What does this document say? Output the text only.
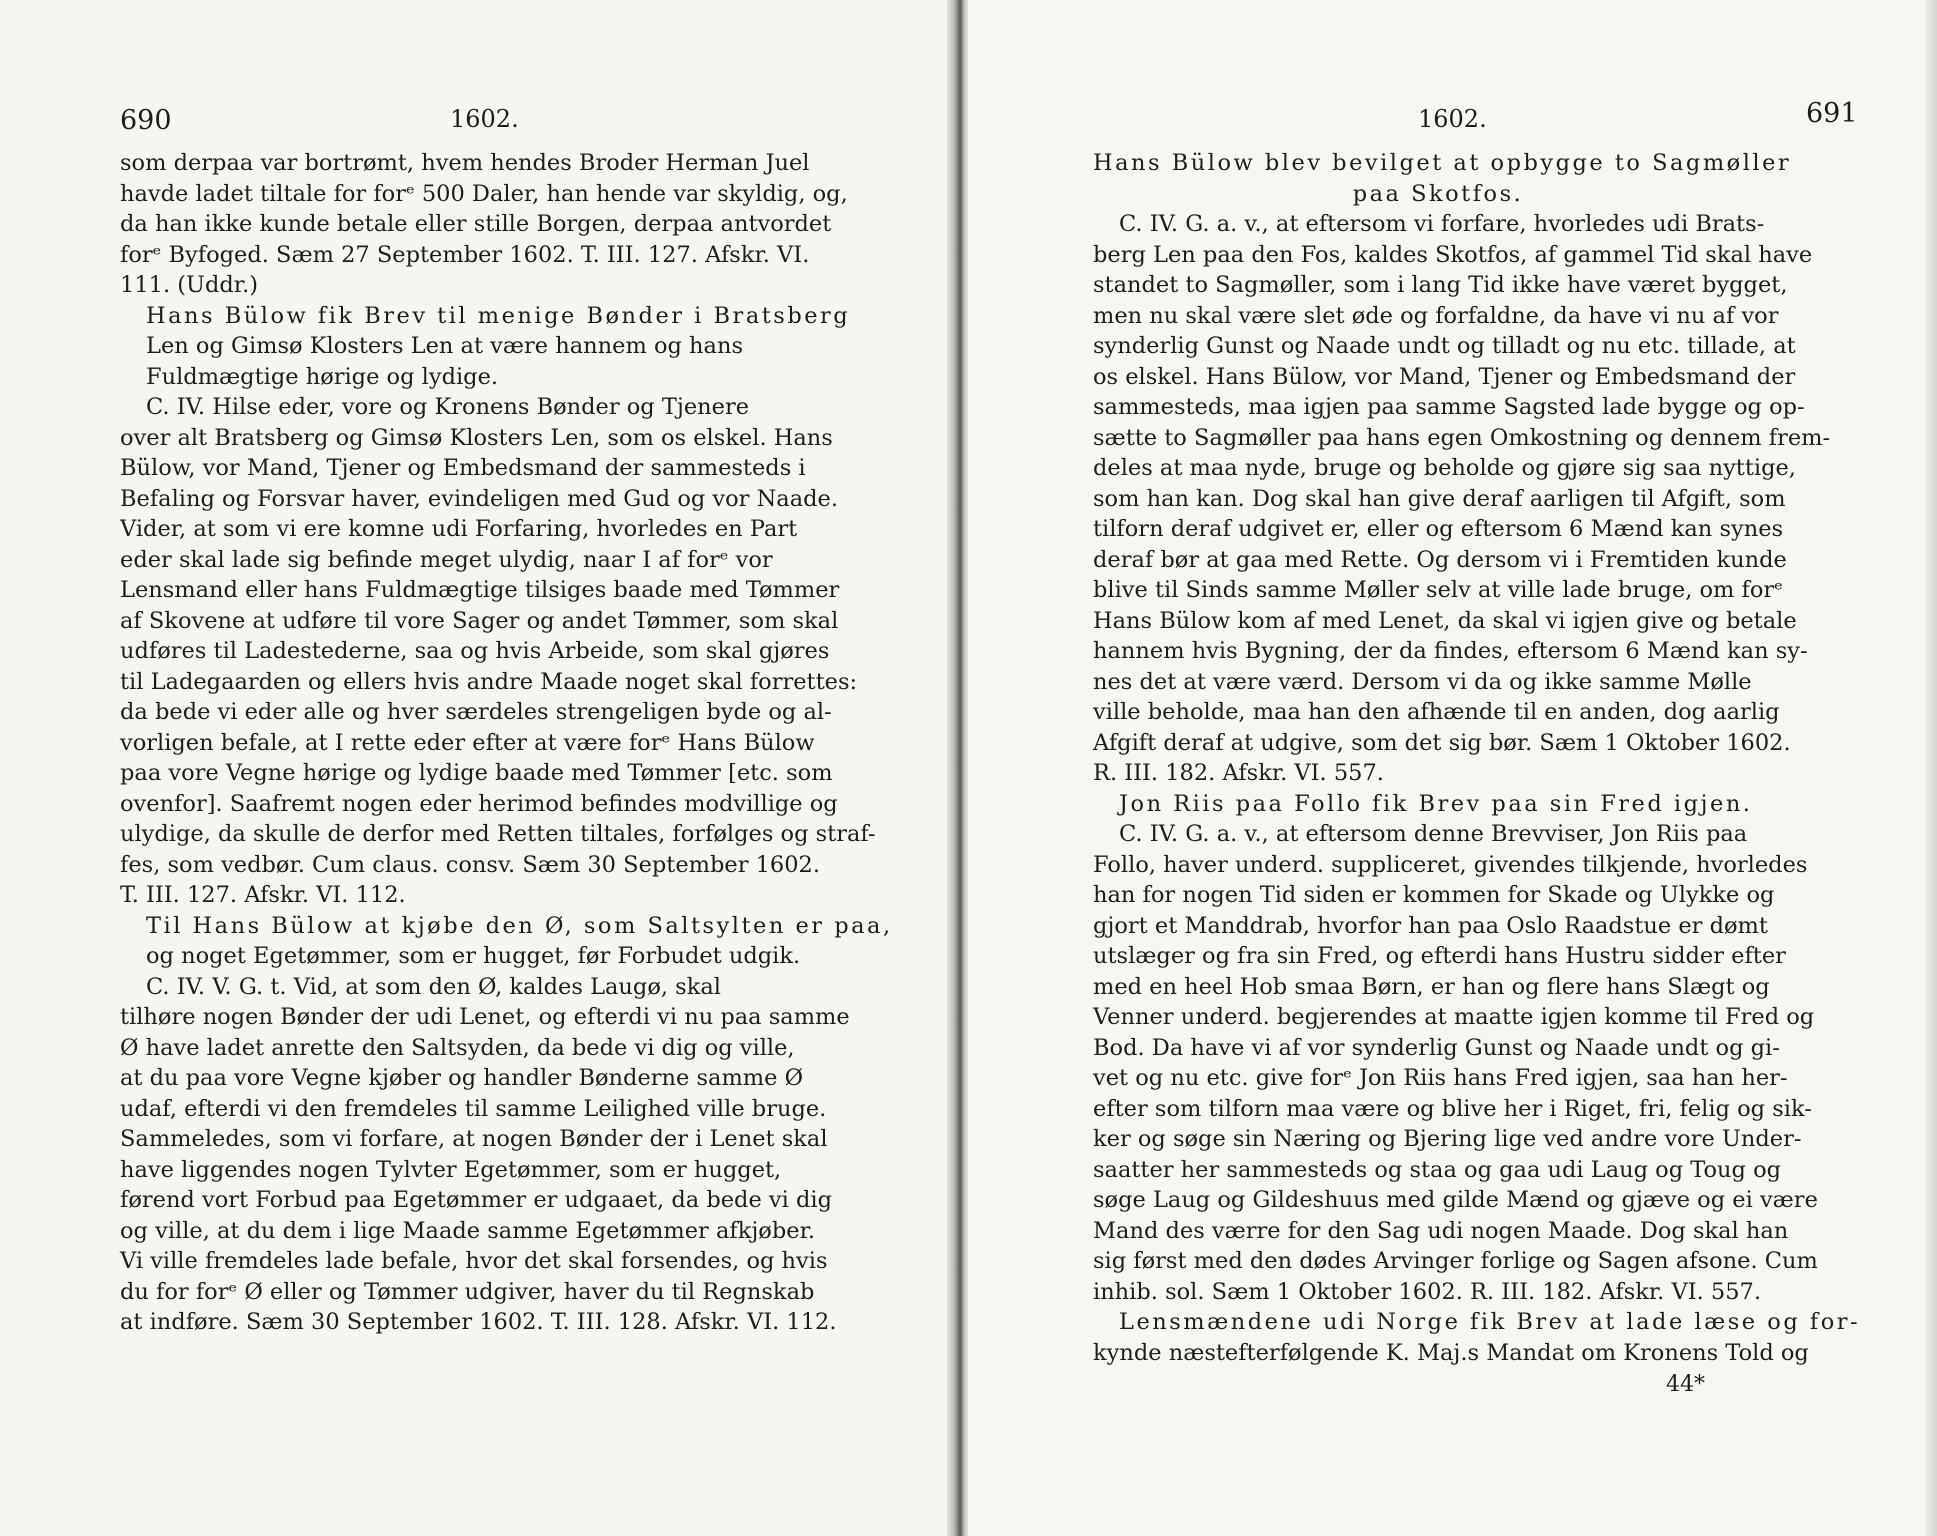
690	1602.
som derpaa var bortrømt, hvem hendes Broder Herman Juel
havde ladet tiltale for forᵉ 500 Daler, han hende var skyldig, og,
da han ikke kunde betale eller stille Borgen, derpaa antvordet
forᵉ Byfoged. Sæm 27 September 1602. T. III. 127. Afskr. VI.
111. (Uddr.)
Hans Bülow fik Brev til menige Bønder i Bratsberg
Len og Gimsø Klosters Len at være hannem og hans
Fuldmægtige hørige og lydige.
C. IV. Hilse eder, vore og Kronens Bønder og Tjenere
over alt Bratsberg og Gimsø Klosters Len, som os elskel. Hans
Bülow, vor Mand, Tjener og Embedsmand der sammesteds i
Befaling og Forsvar haver, evindeligen med Gud og vor Naade.
Vider, at som vi ere komne udi Forfaring, hvorledes en Part
eder skal lade sig befinde meget ulydig, naar I af forᵉ vor
Lensmand eller hans Fuldmægtige tilsiges baade med Tømmer
af Skovene at udføre til vore Sager og andet Tømmer, som skal
udføres til Ladestederne, saa og hvis Arbeide, som skal gjøres
til Ladegaarden og ellers hvis andre Maade noget skal forrettes:
da bede vi eder alle og hver særdeles strengeligen byde og al-
vorligen befale, at I rette eder efter at være forᵉ Hans Bülow
paa vore Vegne hørige og lydige baade med Tømmer [etc. som
ovenfor]. Saafremt nogen eder herimod befindes modvillige og
ulydige, da skulle de derfor med Retten tiltales, forfølges og straf-
fes, som vedbør. Cum claus. consv. Sæm 30 September 1602.
T. III. 127. Afskr. VI. 112.
Til Hans Bülow at kjøbe den Ø, som Saltsylten er paa,
og noget Egetømmer, som er hugget, før Forbudet udgik.
C. IV. V. G. t. Vid, at som den Ø, kaldes Laugø, skal
tilhøre nogen Bønder der udi Lenet, og efterdi vi nu paa samme
Ø have ladet anrette den Saltsyden, da bede vi dig og ville,
at du paa vore Vegne kjøber og handler Bønderne samme Ø
udaf, efterdi vi den fremdeles til samme Leilighed ville bruge.
Sammeledes, som vi forfare, at nogen Bønder der i Lenet skal
have liggendes nogen Tylvter Egetømmer, som er hugget,
førend vort Forbud paa Egetømmer er udgaaet, da bede vi dig
og ville, at du dem i lige Maade samme Egetømmer afkjøber.
Vi ville fremdeles lade befale, hvor det skal forsendes, og hvis
du for forᵉ Ø eller og Tømmer udgiver, haver du til Regnskab
at indføre. Sæm 30 September 1602. T. III. 128. Afskr. VI. 112.
1602.	691
Hans Bülow blev bevilget at opbygge to Sagmøller
paa Skotfos.
C. IV. G. a. v., at eftersom vi forfare, hvorledes udi Brats-
berg Len paa den Fos, kaldes Skotfos, af gammel Tid skal have
standet to Sagmøller, som i lang Tid ikke have været bygget,
men nu skal være slet øde og forfaldne, da have vi nu af vor
synderlig Gunst og Naade undt og tilladt og nu etc. tillade, at
os elskel. Hans Bülow, vor Mand, Tjener og Embedsmand der
sammesteds, maa igjen paa samme Sagsted lade bygge og op-
sætte to Sagmøller paa hans egen Omkostning og dennem frem-
deles at maa nyde, bruge og beholde og gjøre sig saa nyttige,
som han kan. Dog skal han give deraf aarligen til Afgift, som
tilforn deraf udgivet er, eller og eftersom 6 Mænd kan synes
deraf bør at gaa med Rette. Og dersom vi i Fremtiden kunde
blive til Sinds samme Møller selv at ville lade bruge, om forᵉ
Hans Bülow kom af med Lenet, da skal vi igjen give og betale
hannem hvis Bygning, der da findes, eftersom 6 Mænd kan sy-
nes det at være værd. Dersom vi da og ikke samme Mølle
ville beholde, maa han den afhænde til en anden, dog aarlig
Afgift deraf at udgive, som det sig bør. Sæm 1 Oktober 1602.
R. III. 182. Afskr. VI. 557.
Jon Riis paa Follo fik Brev paa sin Fred igjen.
C. IV. G. a. v., at eftersom denne Brevviser, Jon Riis paa
Follo, haver underd. suppliceret, givendes tilkjende, hvorledes
han for nogen Tid siden er kommen for Skade og Ulykke og
gjort et Manddrab, hvorfor han paa Oslo Raadstue er dømt
utslæger og fra sin Fred, og efterdi hans Hustru sidder efter
med en heel Hob smaa Børn, er han og flere hans Slægt og
Venner underd. begjerendes at maatte igjen komme til Fred og
Bod. Da have vi af vor synderlig Gunst og Naade undt og gi-
vet og nu etc. give forᵉ Jon Riis hans Fred igjen, saa han her-
efter som tilforn maa være og blive her i Riget, fri, felig og sik-
ker og søge sin Næring og Bjering lige ved andre vore Under-
saatter her sammesteds og staa og gaa udi Laug og Toug og
søge Laug og Gildeshuus med gilde Mænd og gjæve og ei være
Mand des værre for den Sag udi nogen Maade. Dog skal han
sig først med den dødes Arvinger forlige og Sagen afsone. Cum
inhib. sol. Sæm 1 Oktober 1602. R. III. 182. Afskr. VI. 557.
Lensmændene udi Norge fik Brev at lade læse og for-
kynde næstefterfølgende K. Maj.s Mandat om Kronens Told og
44*
